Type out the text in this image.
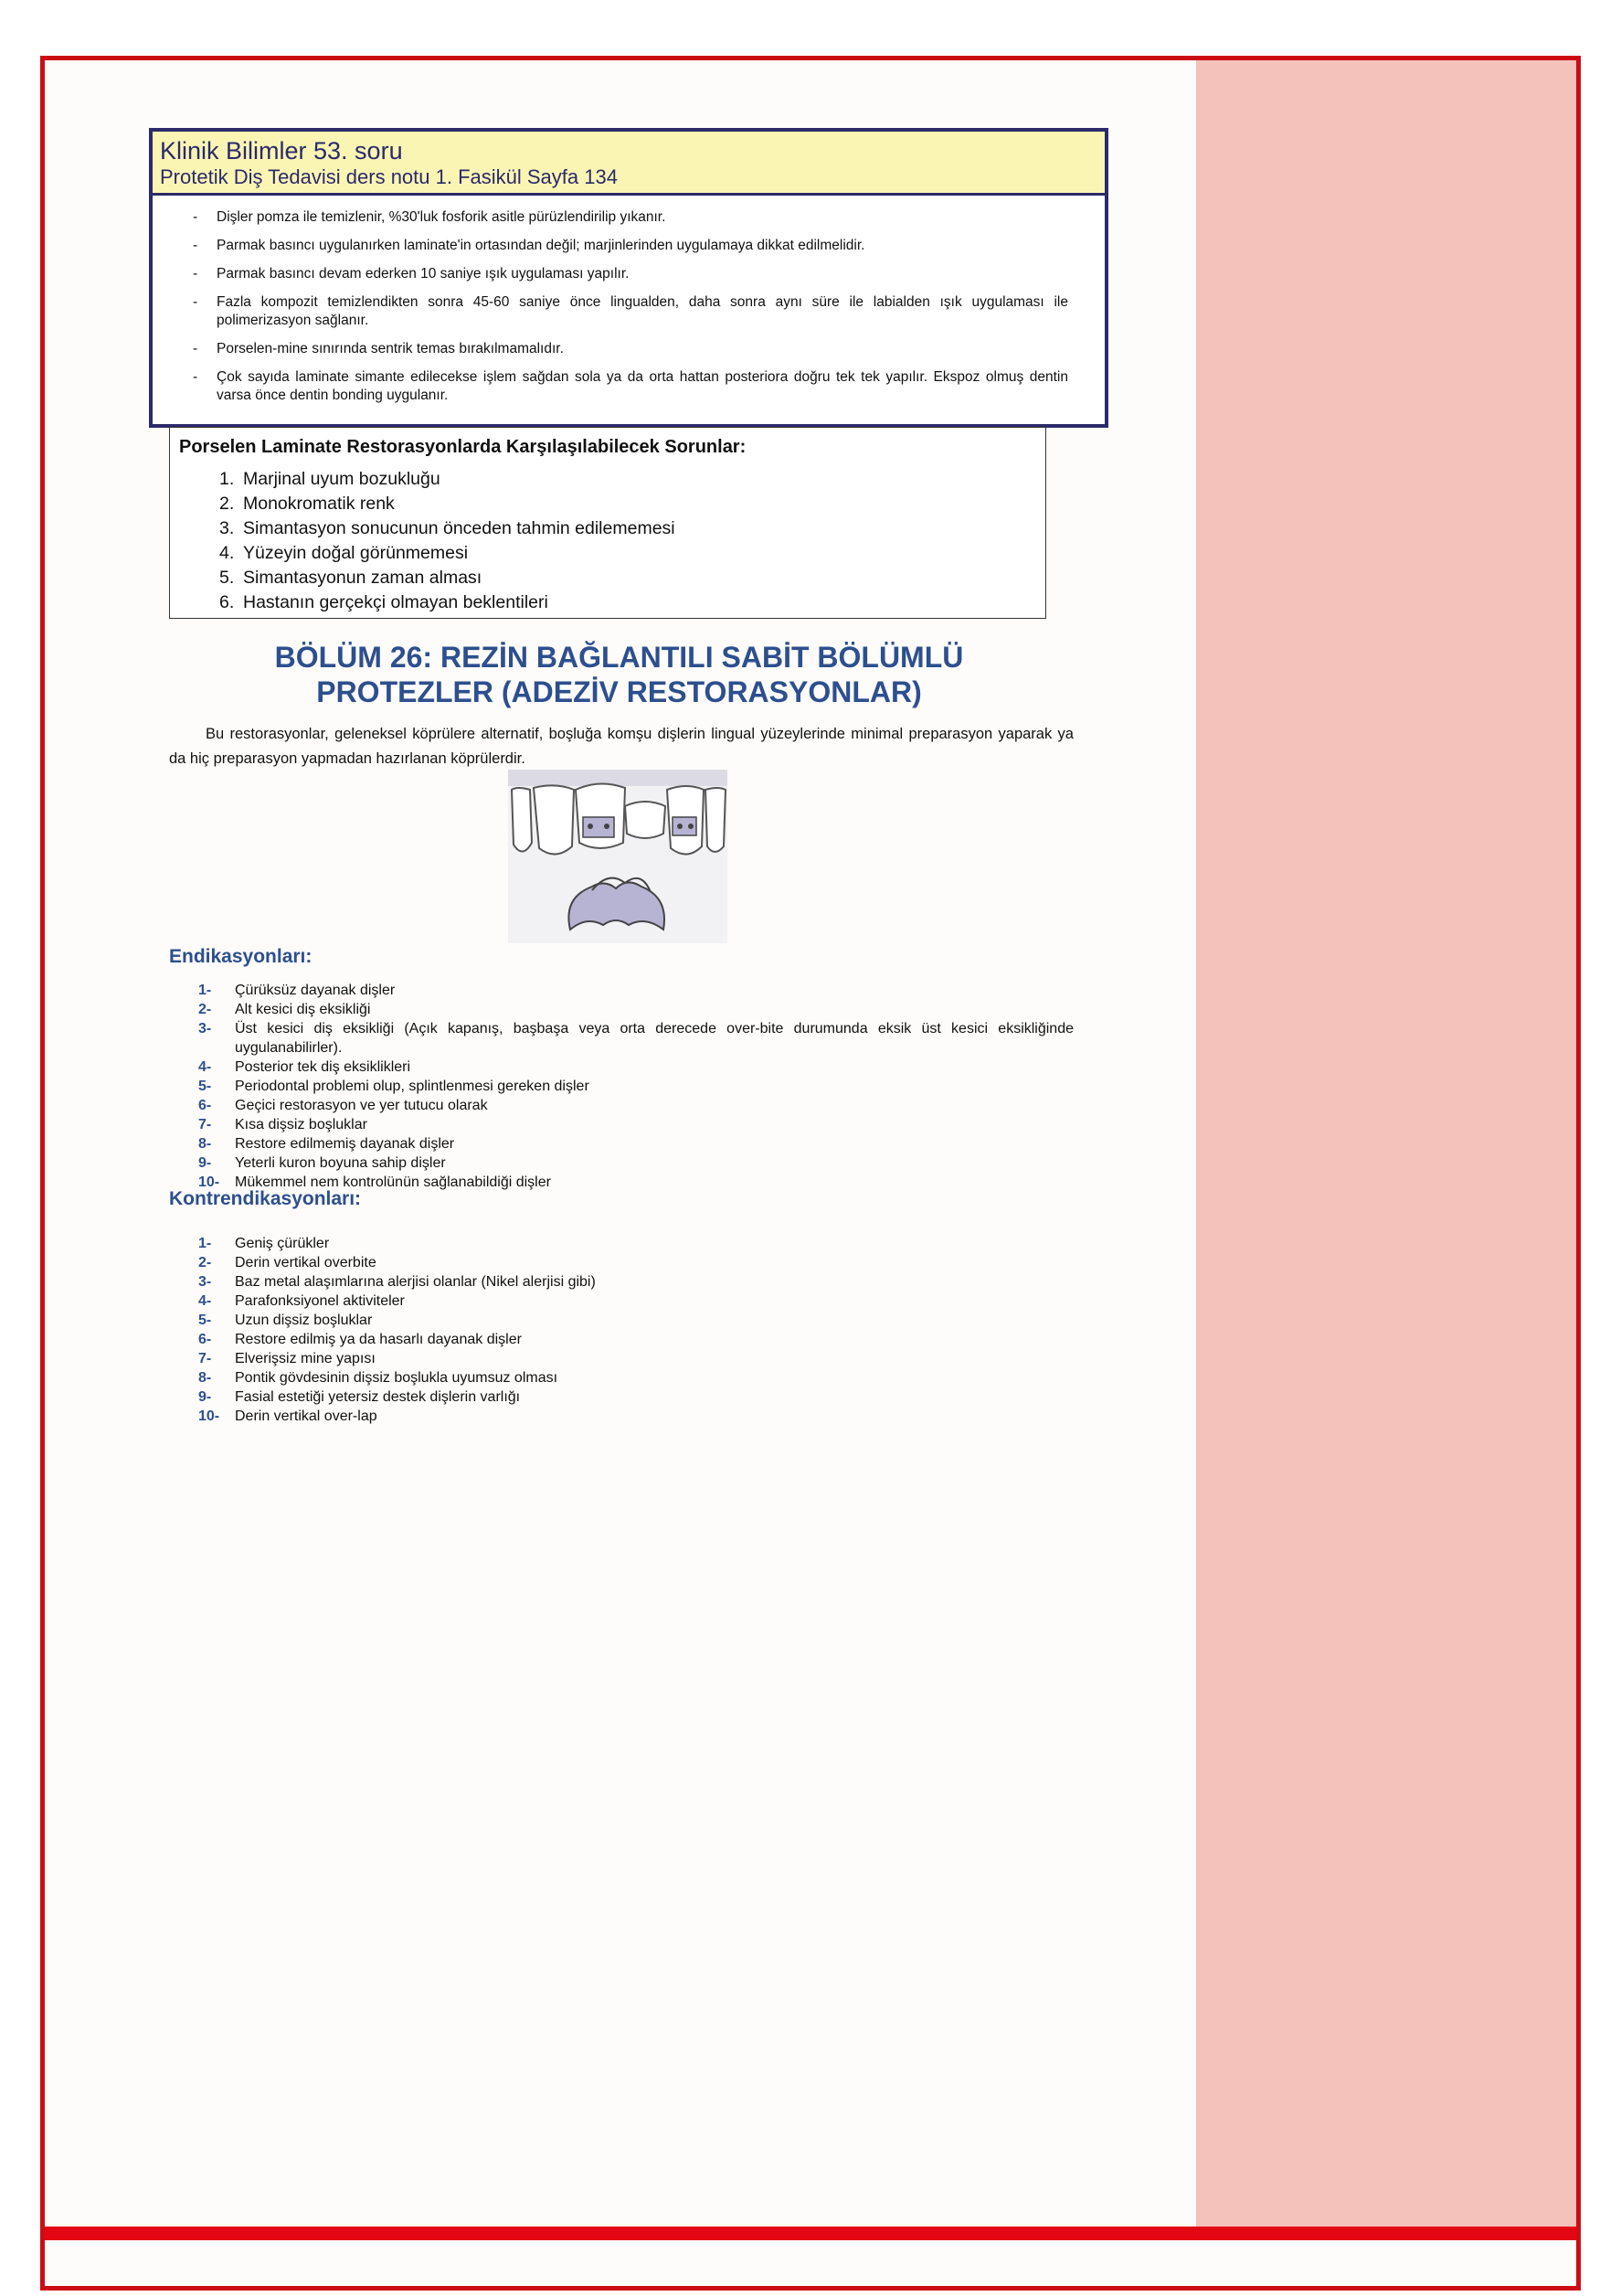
Klinik Bilimler 53. soru
Protetik Diş Tedavisi ders notu 1. Fasikül Sayfa 134
- Dişler pomza ile temizlenir, %30'luk fosforik asitle pürüzlendirilip yıkanır.
- Parmak basıncı uygulanırken laminate'in ortasından değil; marjinlerinden uygulamaya dikkat edilmelidir.
- Parmak basıncı devam ederken 10 saniye ışık uygulaması yapılır.
- Fazla kompozit temizlendikten sonra 45-60 saniye önce lingualden, daha sonra aynı süre ile labialden ışık uygulaması ile polimerizasyon sağlanır.
- Porselen-mine sınırında sentrik temas bırakılmamalıdır.
- Çok sayıda laminate simante edilecekse işlem sağdan sola ya da orta hattan posteriora doğru tek tek yapılır. Ekspoz olmuş dentin varsa önce dentin bonding uygulanır.
Porselen Laminate Restorasyonlarda Karşılaşılabilecek Sorunlar:
1. Marjinal uyum bozukluğu
2. Monokromatik renk
3. Simantasyon sonucunun önceden tahmin edilememesi
4. Yüzeyin doğal görünmemesi
5. Simantasyonun zaman alması
6. Hastanın gerçekçi olmayan beklentileri
BÖLÜM 26: REZİN BAĞLANTILI SABİT BÖLÜMLÜ
PROTEZLER (ADEZİV RESTORASYONLAR)
Bu restorasyonlar, geleneksel köprülere alternatif, boşluğa komşu dişlerin lingual yüzeylerinde minimal preparasyon yaparak ya da hiç preparasyon yapmadan hazırlanan köprülerdir.
Endikasyonları:
1- Çürüksüz dayanak dişler
2- Alt kesici diş eksikliği
3- Üst kesici diş eksikliği (Açık kapanış, başbaşa veya orta derecede over-bite durumunda eksik üst kesici eksikliğinde uygulanabilirler).
4- Posterior tek diş eksiklikleri
5- Periodontal problemi olup, splintlenmesi gereken dişler
6- Geçici restorasyon ve yer tutucu olarak
7- Kısa dişsiz boşluklar
8- Restore edilmemiş dayanak dişler
9- Yeterli kuron boyuna sahip dişler
10- Mükemmel nem kontrolünün sağlanabildiği dişler
Kontrendikasyonları:
1- Geniş çürükler
2- Derin vertikal overbite
3- Baz metal alaşımlarına alerjisi olanlar (Nikel alerjisi gibi)
4- Parafonksiyonel aktiviteler
5- Uzun dişsiz boşluklar
6- Restore edilmiş ya da hasarlı dayanak dişler
7- Elverişsiz mine yapısı
8- Pontik gövdesinin dişsiz boşlukla uyumsuz olması
9- Fasial estetiği yetersiz destek dişlerin varlığı
10- Derin vertikal over-lap
